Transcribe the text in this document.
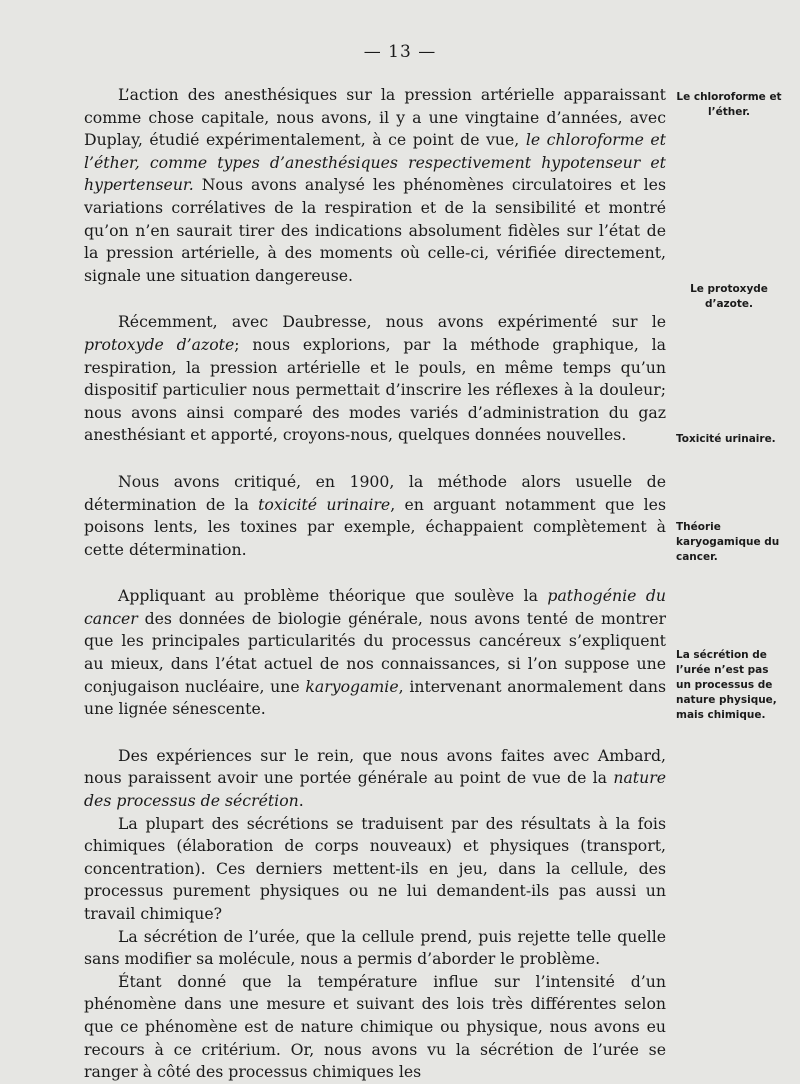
— 13 —

L’action des anesthésiques sur la pression artérielle apparaissant comme chose capitale, nous avons, il y a une vingtaine d’années, avec Duplay, étudié expérimentalement, à ce point de vue, le chloroforme et l’éther, comme types d’anesthésiques respectivement hypotenseur et hypertenseur. Nous avons analysé les phénomènes circulatoires et les variations corrélatives de la respiration et de la sensibilité et montré qu’on n’en saurait tirer des indications absolument fidèles sur l’état de la pression artérielle, à des moments où celle-ci, vérifiée directement, signale une situation dangereuse.

Récemment, avec Daubresse, nous avons expérimenté sur le protoxyde d’azote; nous explorions, par la méthode graphique, la respiration, la pression artérielle et le pouls, en même temps qu’un dispositif particulier nous permettait d’inscrire les réflexes à la douleur; nous avons ainsi comparé des modes variés d’administration du gaz anesthésiant et apporté, croyons-nous, quelques données nouvelles.

Nous avons critiqué, en 1900, la méthode alors usuelle de détermination de la toxicité urinaire, en arguant notamment que les poisons lents, les toxines par exemple, échappaient complètement à cette détermination.

Appliquant au problème théorique que soulève la pathogénie du cancer des données de biologie générale, nous avons tenté de montrer que les principales particularités du processus cancéreux s’expliquent au mieux, dans l’état actuel de nos connaissances, si l’on suppose une conjugaison nucléaire, une karyogamie, intervenant anormalement dans une lignée sénescente.

Des expériences sur le rein, que nous avons faites avec Ambard, nous paraissent avoir une portée générale au point de vue de la nature des processus de sécrétion.

La plupart des sécrétions se traduisent par des résultats à la fois chimiques (élaboration de corps nouveaux) et physiques (transport, concentration). Ces derniers mettent-ils en jeu, dans la cellule, des processus purement physiques ou ne lui demandent-ils pas aussi un travail chimique?

La sécrétion de l’urée, que la cellule prend, puis rejette telle quelle sans modifier sa molécule, nous a permis d’aborder le problème.

Étant donné que la température influe sur l’intensité d’un phénomène dans une mesure et suivant des lois très différentes selon que ce phénomène est de nature chimique ou physique, nous avons eu recours à ce critérium. Or, nous avons vu la sécrétion de l’urée se ranger à côté des processus chimiques les

Le chloroforme et l’éther.
Le protoxyde d’azote.
Toxicité urinaire.
Théorie karyogamique du cancer.
La sécrétion de l’urée n’est pas un processus de nature physique, mais chimique.
